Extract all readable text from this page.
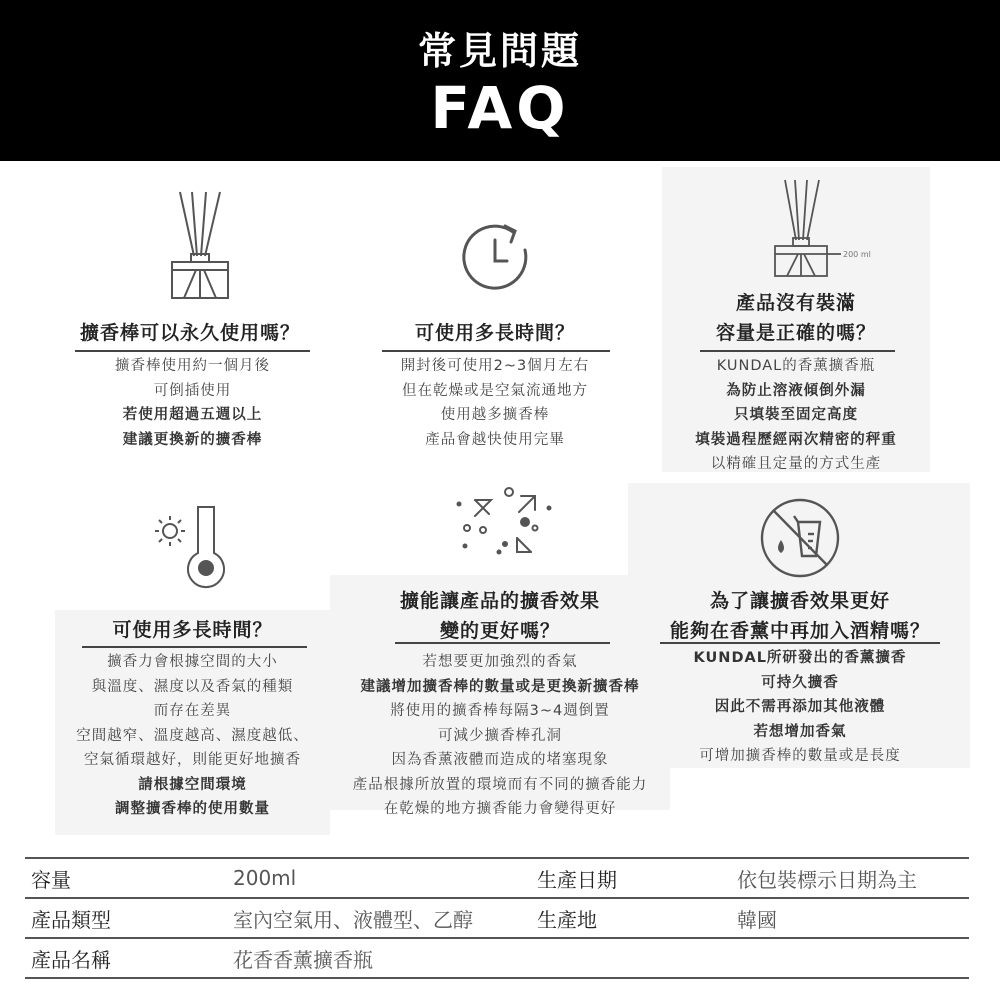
常見問題
FAQ
200 ml
擴香棒可以永久使用嗎？
擴香棒使用約一個月後
可倒插使用
若使用超過五週以上
建議更換新的擴香棒
可使用多長時間？
開封後可使用2~3個月左右
但在乾燥或是空氣流通地方
使用越多擴香棒
產品會越快使用完畢
產品沒有裝滿
容量是正確的嗎？
KUNDAL的香薰擴香瓶
為防止溶液傾倒外漏
只填裝至固定高度
填裝過程歷經兩次精密的秤重
以精確且定量的方式生產
可使用多長時間？
擴香力會根據空間的大小
與溫度、濕度以及香氣的種類
而存在差異
空間越窄、溫度越高、濕度越低、
空氣循環越好，則能更好地擴香
請根據空間環境
調整擴香棒的使用數量
擴能讓產品的擴香效果
變的更好嗎？
若想要更加強烈的香氣
建議增加擴香棒的數量或是更換新擴香棒
將使用的擴香棒每隔3~4週倒置
可減少擴香棒孔洞
因為香薰液體而造成的堵塞現象
產品根據所放置的環境而有不同的擴香能力
在乾燥的地方擴香能力會變得更好
為了讓擴香效果更好
能夠在香薰中再加入酒精嗎？
KUNDAL所研發出的香薰擴香
可持久擴香
因此不需再添加其他液體
若想增加香氣
可增加擴香棒的數量或是長度
容量	200ml	生產日期	依包裝標示日期為主
產品類型	室內空氣用、液體型、乙醇	生產地	韓國
產品名稱	花香香薰擴香瓶		
